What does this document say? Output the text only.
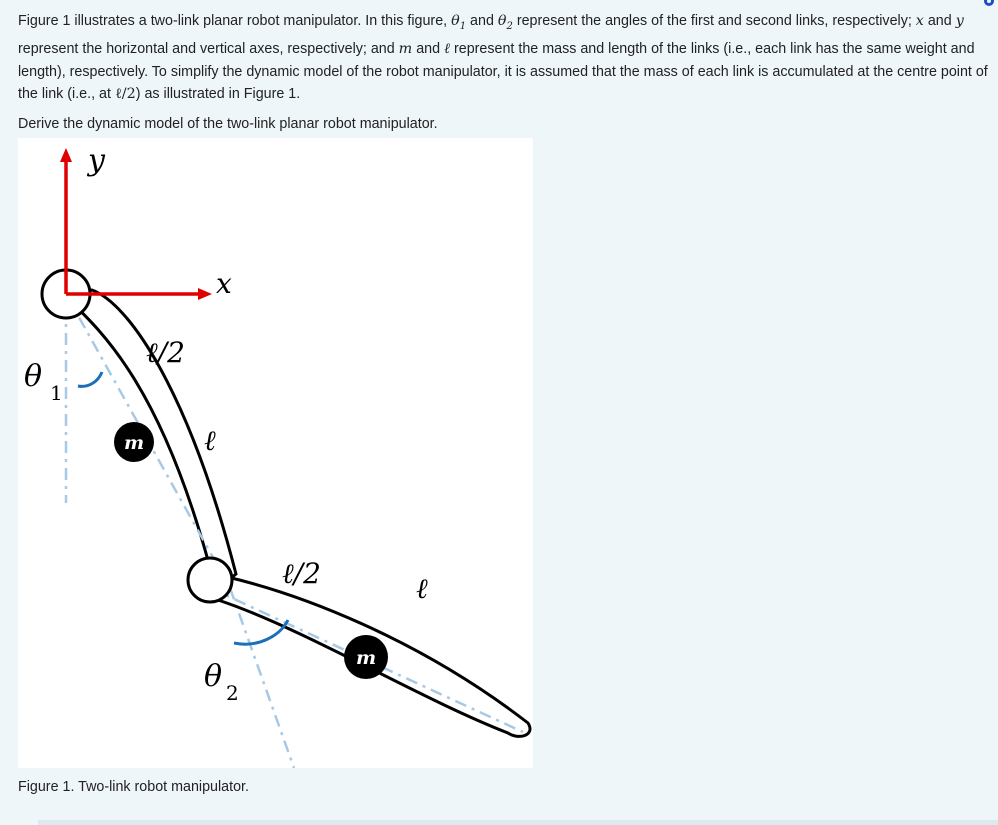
Figure 1 illustrates a two-link planar robot manipulator. In this figure, $\theta_1$ and $\theta_2$ represent the angles of the first and second links, respectively; x and y represent the horizontal and vertical axes, respectively; and m and ℓ represent the mass and length of the links (i.e., each link has the same weight and length), respectively. To simplify the dynamic model of the robot manipulator, it is assumed that the mass of each link is accumulated at the centre point of the link (i.e., at ℓ/2) as illustrated in Figure 1.

Derive the dynamic model of the two-link planar robot manipulator.

m
m
y
x
θ 1
θ 2
ℓ/2
ℓ
ℓ/2	ℓ
Figure 1. Two-link robot manipulator.
